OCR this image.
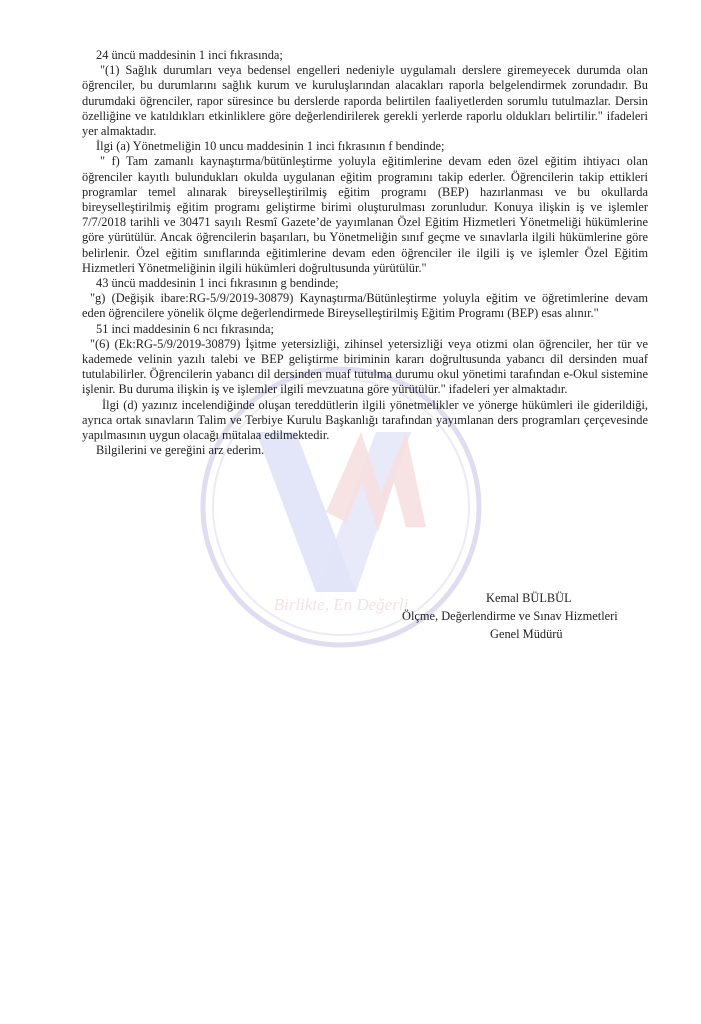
Birlikte, En Değerli

24 üncü maddesinin 1 inci fıkrasında;

"(1) Sağlık durumları veya bedensel engelleri nedeniyle uygulamalı derslere giremeyecek durumda olan öğrenciler, bu durumlarını sağlık kurum ve kuruluşlarından alacakları raporla belgelendirmek zorundadır. Bu durumdaki öğrenciler, rapor süresince bu derslerde raporda belirtilen faaliyetlerden sorumlu tutulmazlar. Dersin özelliğine ve katıldıkları etkinliklere göre değerlendirilerek gerekli yerlerde raporlu oldukları belirtilir." ifadeleri yer almaktadır.

İlgi (a) Yönetmeliğin 10 uncu maddesinin 1 inci fıkrasının f bendinde;

" f) Tam zamanlı kaynaştırma/bütünleştirme yoluyla eğitimlerine devam eden özel eğitim ihtiyacı olan öğrenciler kayıtlı bulundukları okulda uygulanan eğitim programını takip ederler. Öğrencilerin takip ettikleri programlar temel alınarak bireyselleştirilmiş eğitim programı (BEP) hazırlanması ve bu okullarda bireyselleştirilmiş eğitim programı geliştirme birimi oluşturulması zorunludur. Konuya ilişkin iş ve işlemler 7/7/2018 tarihli ve 30471 sayılı Resmî Gazete’de yayımlanan Özel Eğitim Hizmetleri Yönetmeliği hükümlerine göre yürütülür. Ancak öğrencilerin başarıları, bu Yönetmeliğin sınıf geçme ve sınavlarla ilgili hükümlerine göre belirlenir. Özel eğitim sınıflarında eğitimlerine devam eden öğrenciler ile ilgili iş ve işlemler Özel Eğitim Hizmetleri Yönetmeliğinin ilgili hükümleri doğrultusunda yürütülür."

43 üncü maddesinin 1 inci fıkrasının g bendinde;

"g) (Değişik ibare:RG-5/9/2019-30879) Kaynaştırma/Bütünleştirme yoluyla eğitim ve öğretimlerine devam eden öğrencilere yönelik ölçme değerlendirmede Bireyselleştirilmiş Eğitim Programı (BEP) esas alınır."

51 inci maddesinin 6 ncı fıkrasında;

"(6) (Ek:RG-5/9/2019-30879) İşitme yetersizliği, zihinsel yetersizliği veya otizmi olan öğrenciler, her tür ve kademede velinin yazılı talebi ve BEP geliştirme biriminin kararı doğrultusunda yabancı dil dersinden muaf tutulabilirler. Öğrencilerin yabancı dil dersinden muaf tutulma durumu okul yönetimi tarafından e-Okul sistemine işlenir. Bu duruma ilişkin iş ve işlemler ilgili mevzuatına göre yürütülür." ifadeleri yer almaktadır.

İlgi (d) yazınız incelendiğinde oluşan tereddütlerin ilgili yönetmelikler ve yönerge hükümleri ile giderildiği, ayrıca ortak sınavların Talim ve Terbiye Kurulu Başkanlığı tarafından yayımlanan ders programları çerçevesinde yapılmasının uygun olacağı mütalaa edilmektedir.

Bilgilerini ve gereğini arz ederim.

Kemal BÜLBÜL
Ölçme, Değerlendirme ve Sınav Hizmetleri
Genel Müdürü
